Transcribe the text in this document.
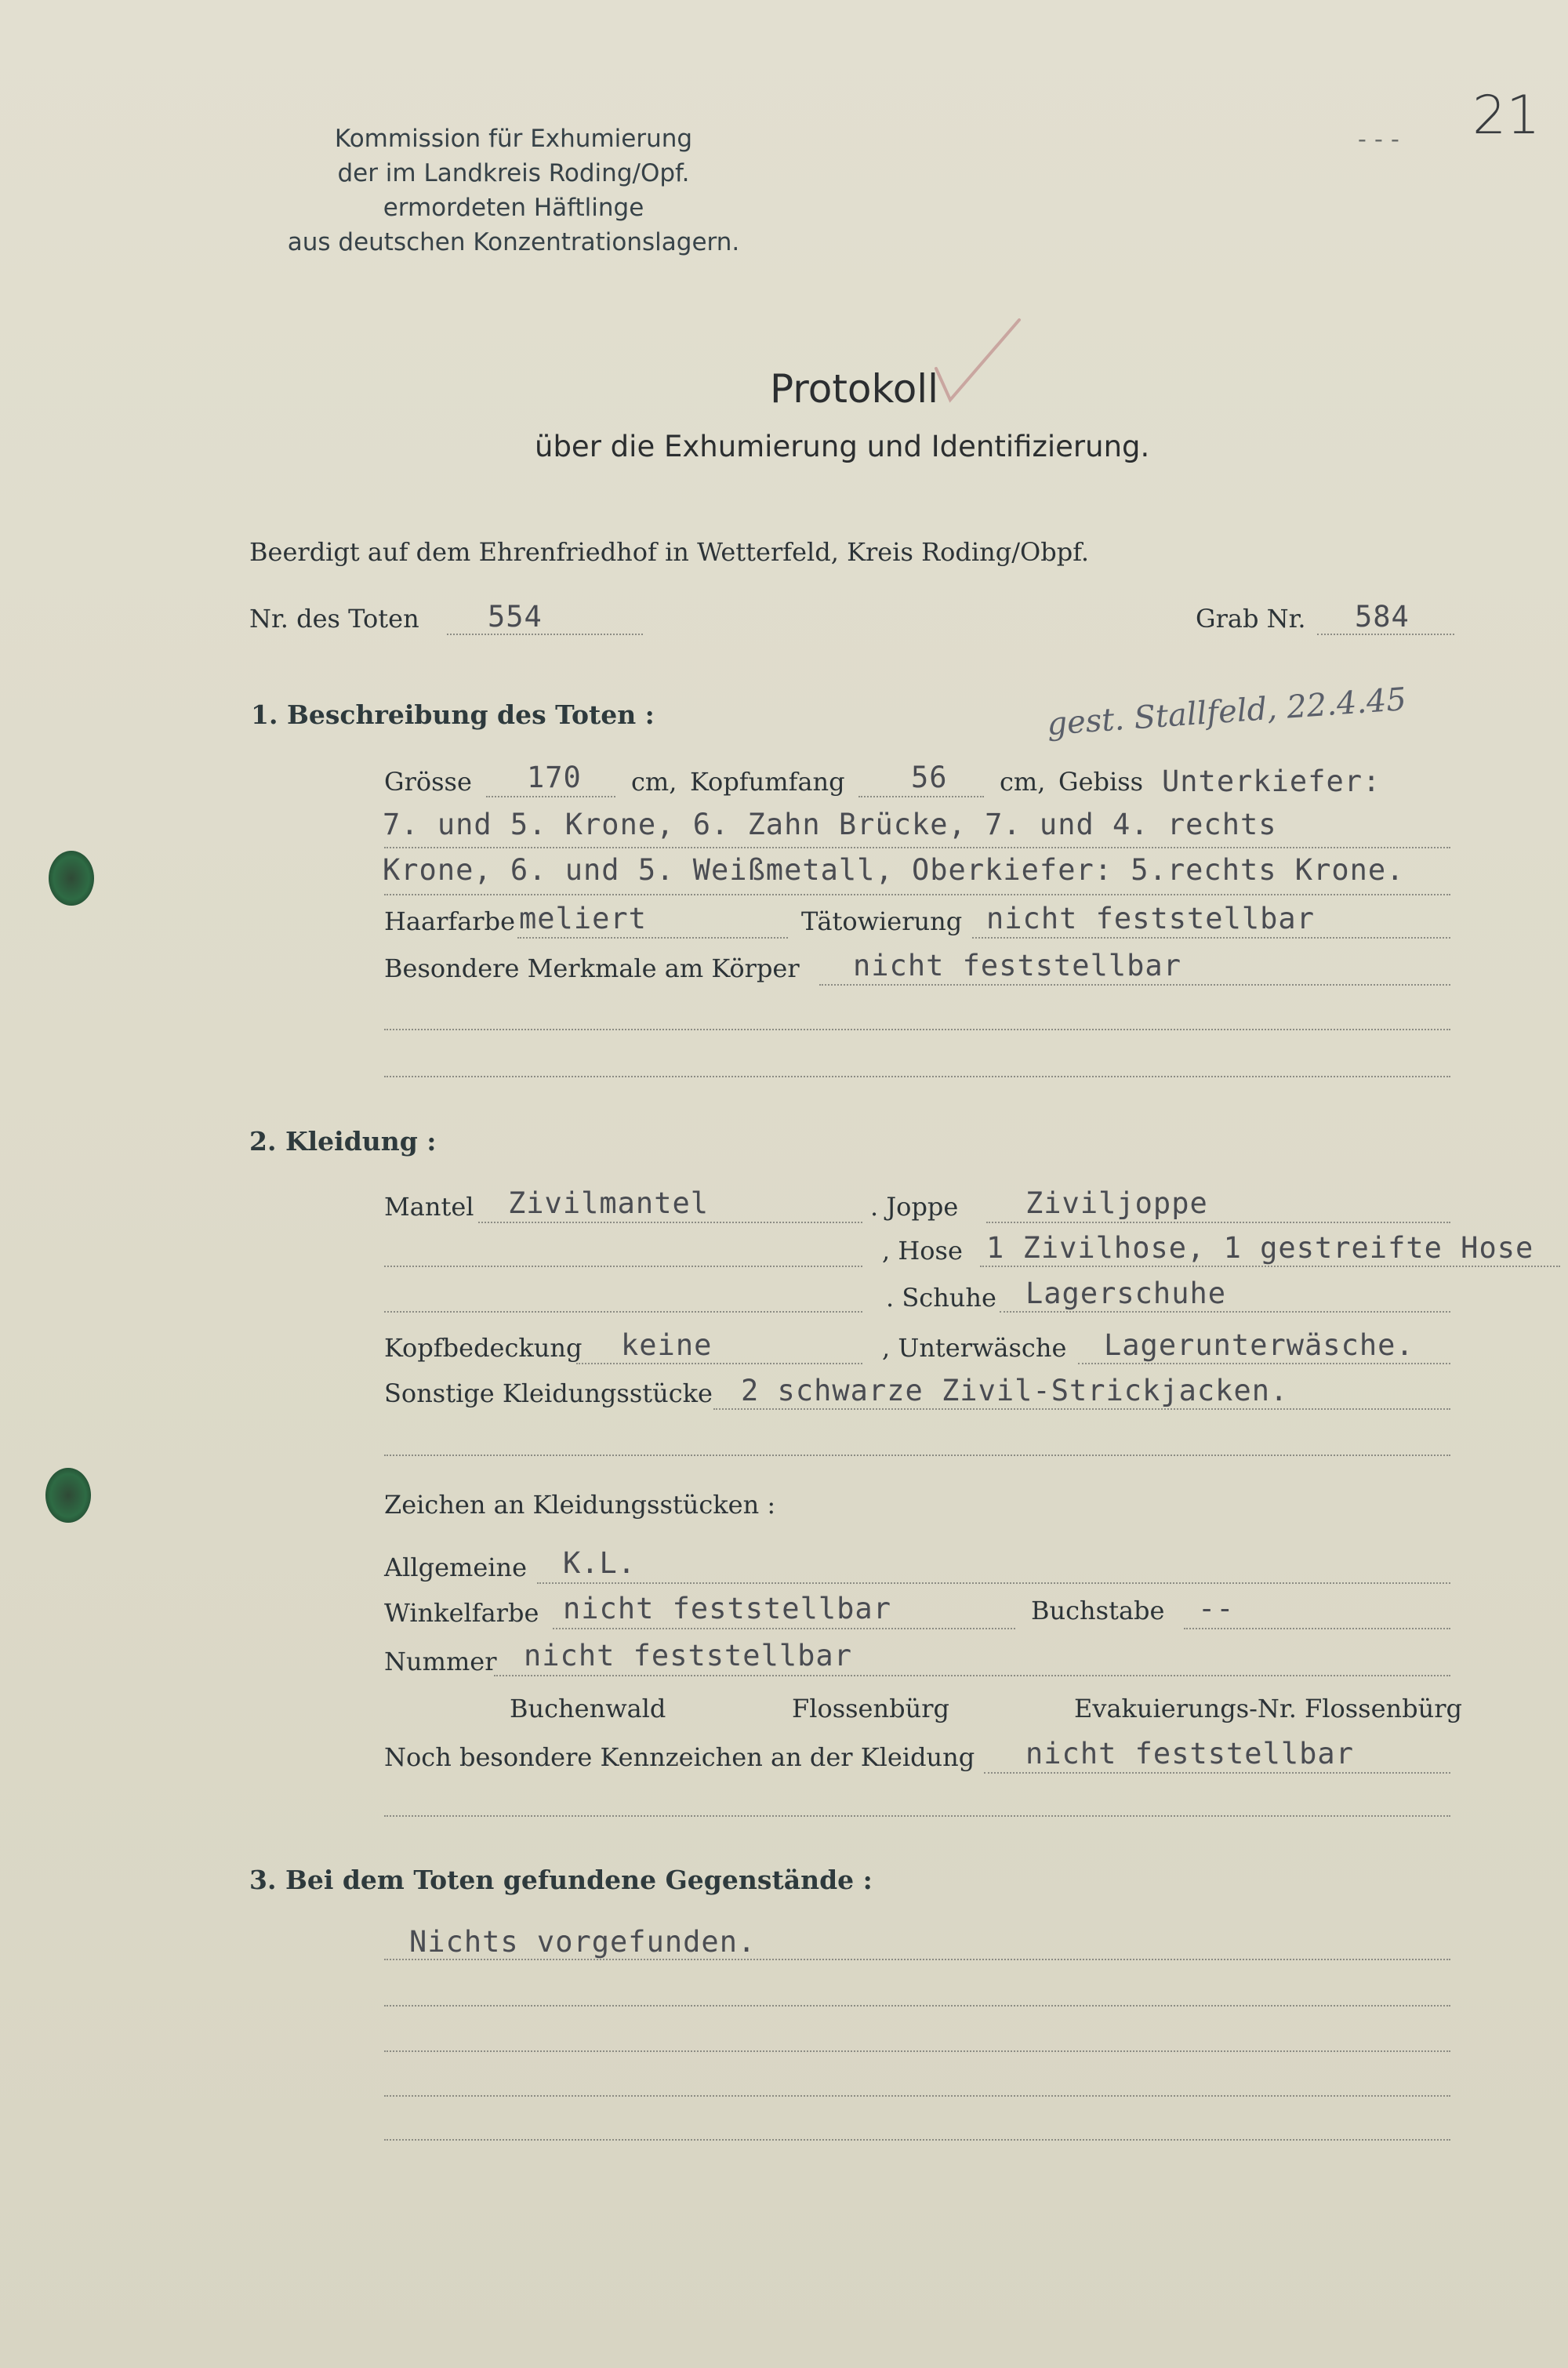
21
- - -
Kommission für Exhumierung
der im Landkreis Roding/Opf.
ermordeten Häftlinge
aus deutschen Konzentrationslagern.
Protokoll
über die Exhumierung und Identifizierung.
Beerdigt auf dem Ehrenfriedhof in Wetterfeld, Kreis Roding/Obpf.
Nr. des Toten 554	Grab Nr. 584
1. Beschreibung des Toten :	gest. Stallfeld, 22.4.45
Grösse 170 cm, Kopfumfang 56 cm, Gebiss Unterkiefer:
7. und 5. Krone, 6. Zahn Brücke, 7. und 4. rechts
Krone, 6. und 5. Weißmetall, Oberkiefer: 5.rechts Krone.
Haarfarbe meliert	Tätowierung nicht feststellbar
Besondere Merkmale am Körper nicht feststellbar
2. Kleidung :
Mantel Zivilmantel	. Joppe Ziviljoppe
, Hose 1 Zivilhose, 1 gestreifte Hose
. Schuhe Lagerschuhe
Kopfbedeckung keine	, Unterwäsche Lagerunterwäsche.
Sonstige Kleidungsstücke 2 schwarze Zivil-Strickjacken.
Zeichen an Kleidungsstücken :
Allgemeine K.L.
Winkelfarbe nicht feststellbar	Buchstabe --
Nummer nicht feststellbar
Buchenwald	Flossenbürg	Evakuierungs-Nr. Flossenbürg
Noch besondere Kennzeichen an der Kleidung nicht feststellbar
3. Bei dem Toten gefundene Gegenstände :
Nichts vorgefunden.
